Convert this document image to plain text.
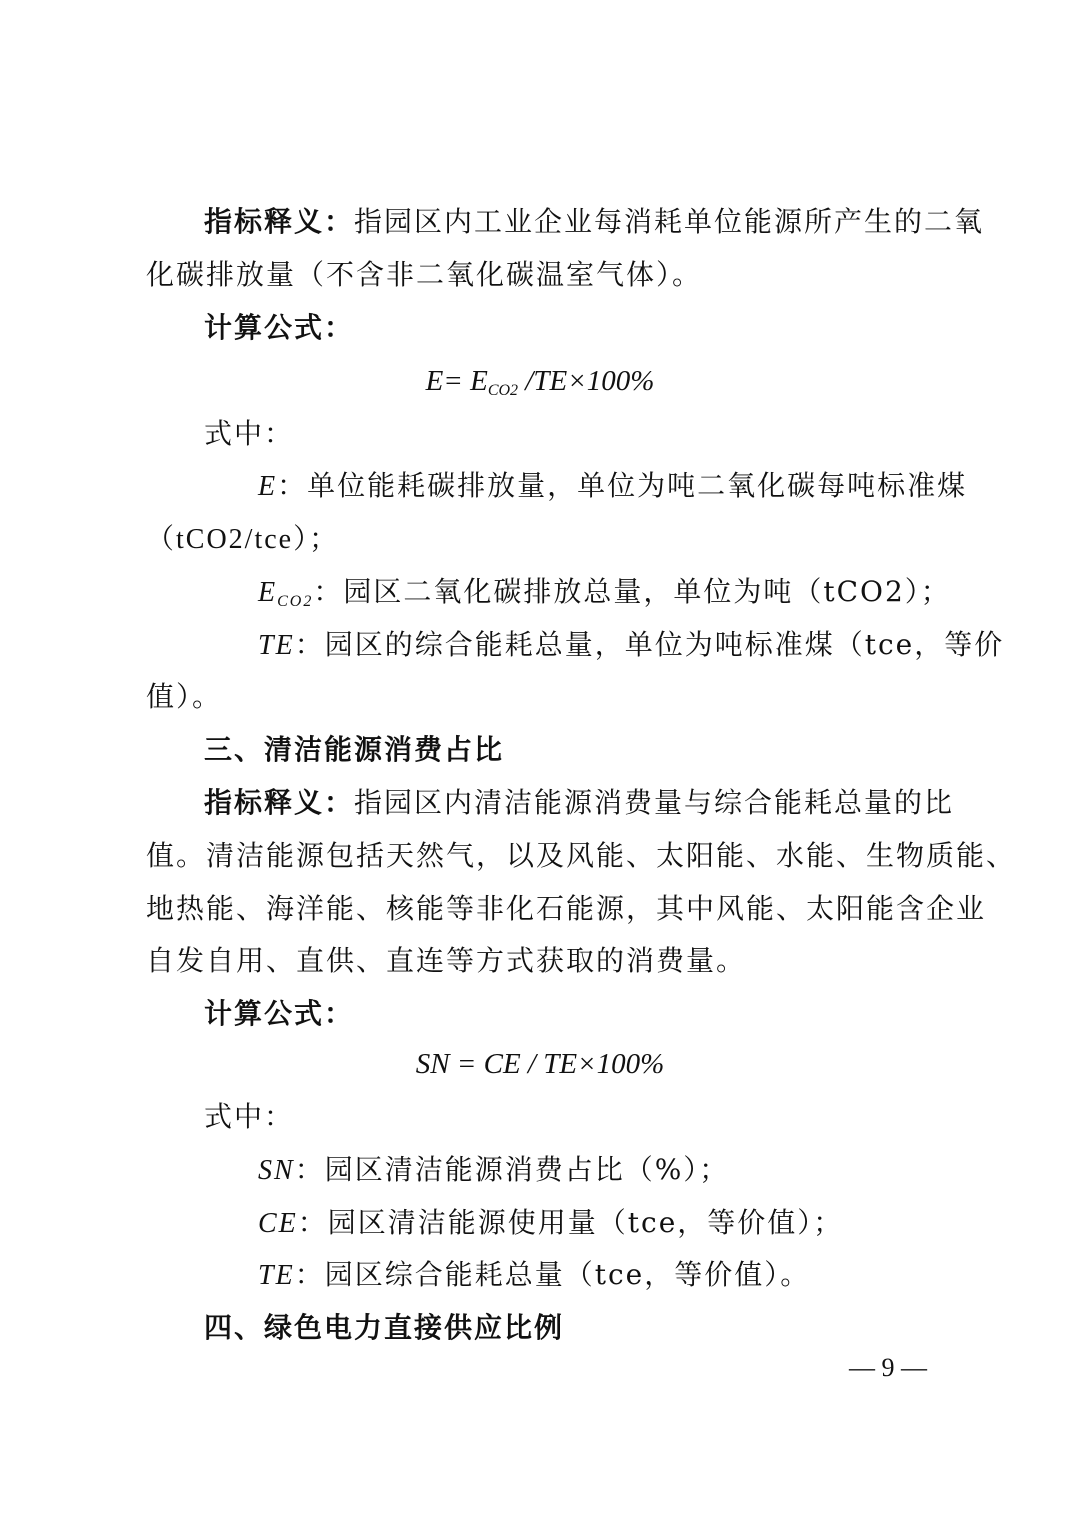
指标释义：指园区内工业企业每消耗单位能源所产生的二氧
化碳排放量（不含非二氧化碳温室气体）。
计算公式：
$E= E_{CO2}$ /TE×100%
式中：
E：单位能耗碳排放量，单位为吨二氧化碳每吨标准煤
（tCO2/tce）；
$E_{CO2}$：园区二氧化碳排放总量，单位为吨（tCO2）；
TE：园区的综合能耗总量，单位为吨标准煤（tce，等价
值）。
三、清洁能源消费占比
指标释义：指园区内清洁能源消费量与综合能耗总量的比
值。清洁能源包括天然气，以及风能、太阳能、水能、生物质能、
地热能、海洋能、核能等非化石能源，其中风能、太阳能含企业
自发自用、直供、直连等方式获取的消费量。
计算公式：
SN = CE / TE×100%
式中：
SN：园区清洁能源消费占比（%）；
CE：园区清洁能源使用量（tce，等价值）；
TE：园区综合能耗总量（tce，等价值）。
四、绿色电力直接供应比例
— 9 —
